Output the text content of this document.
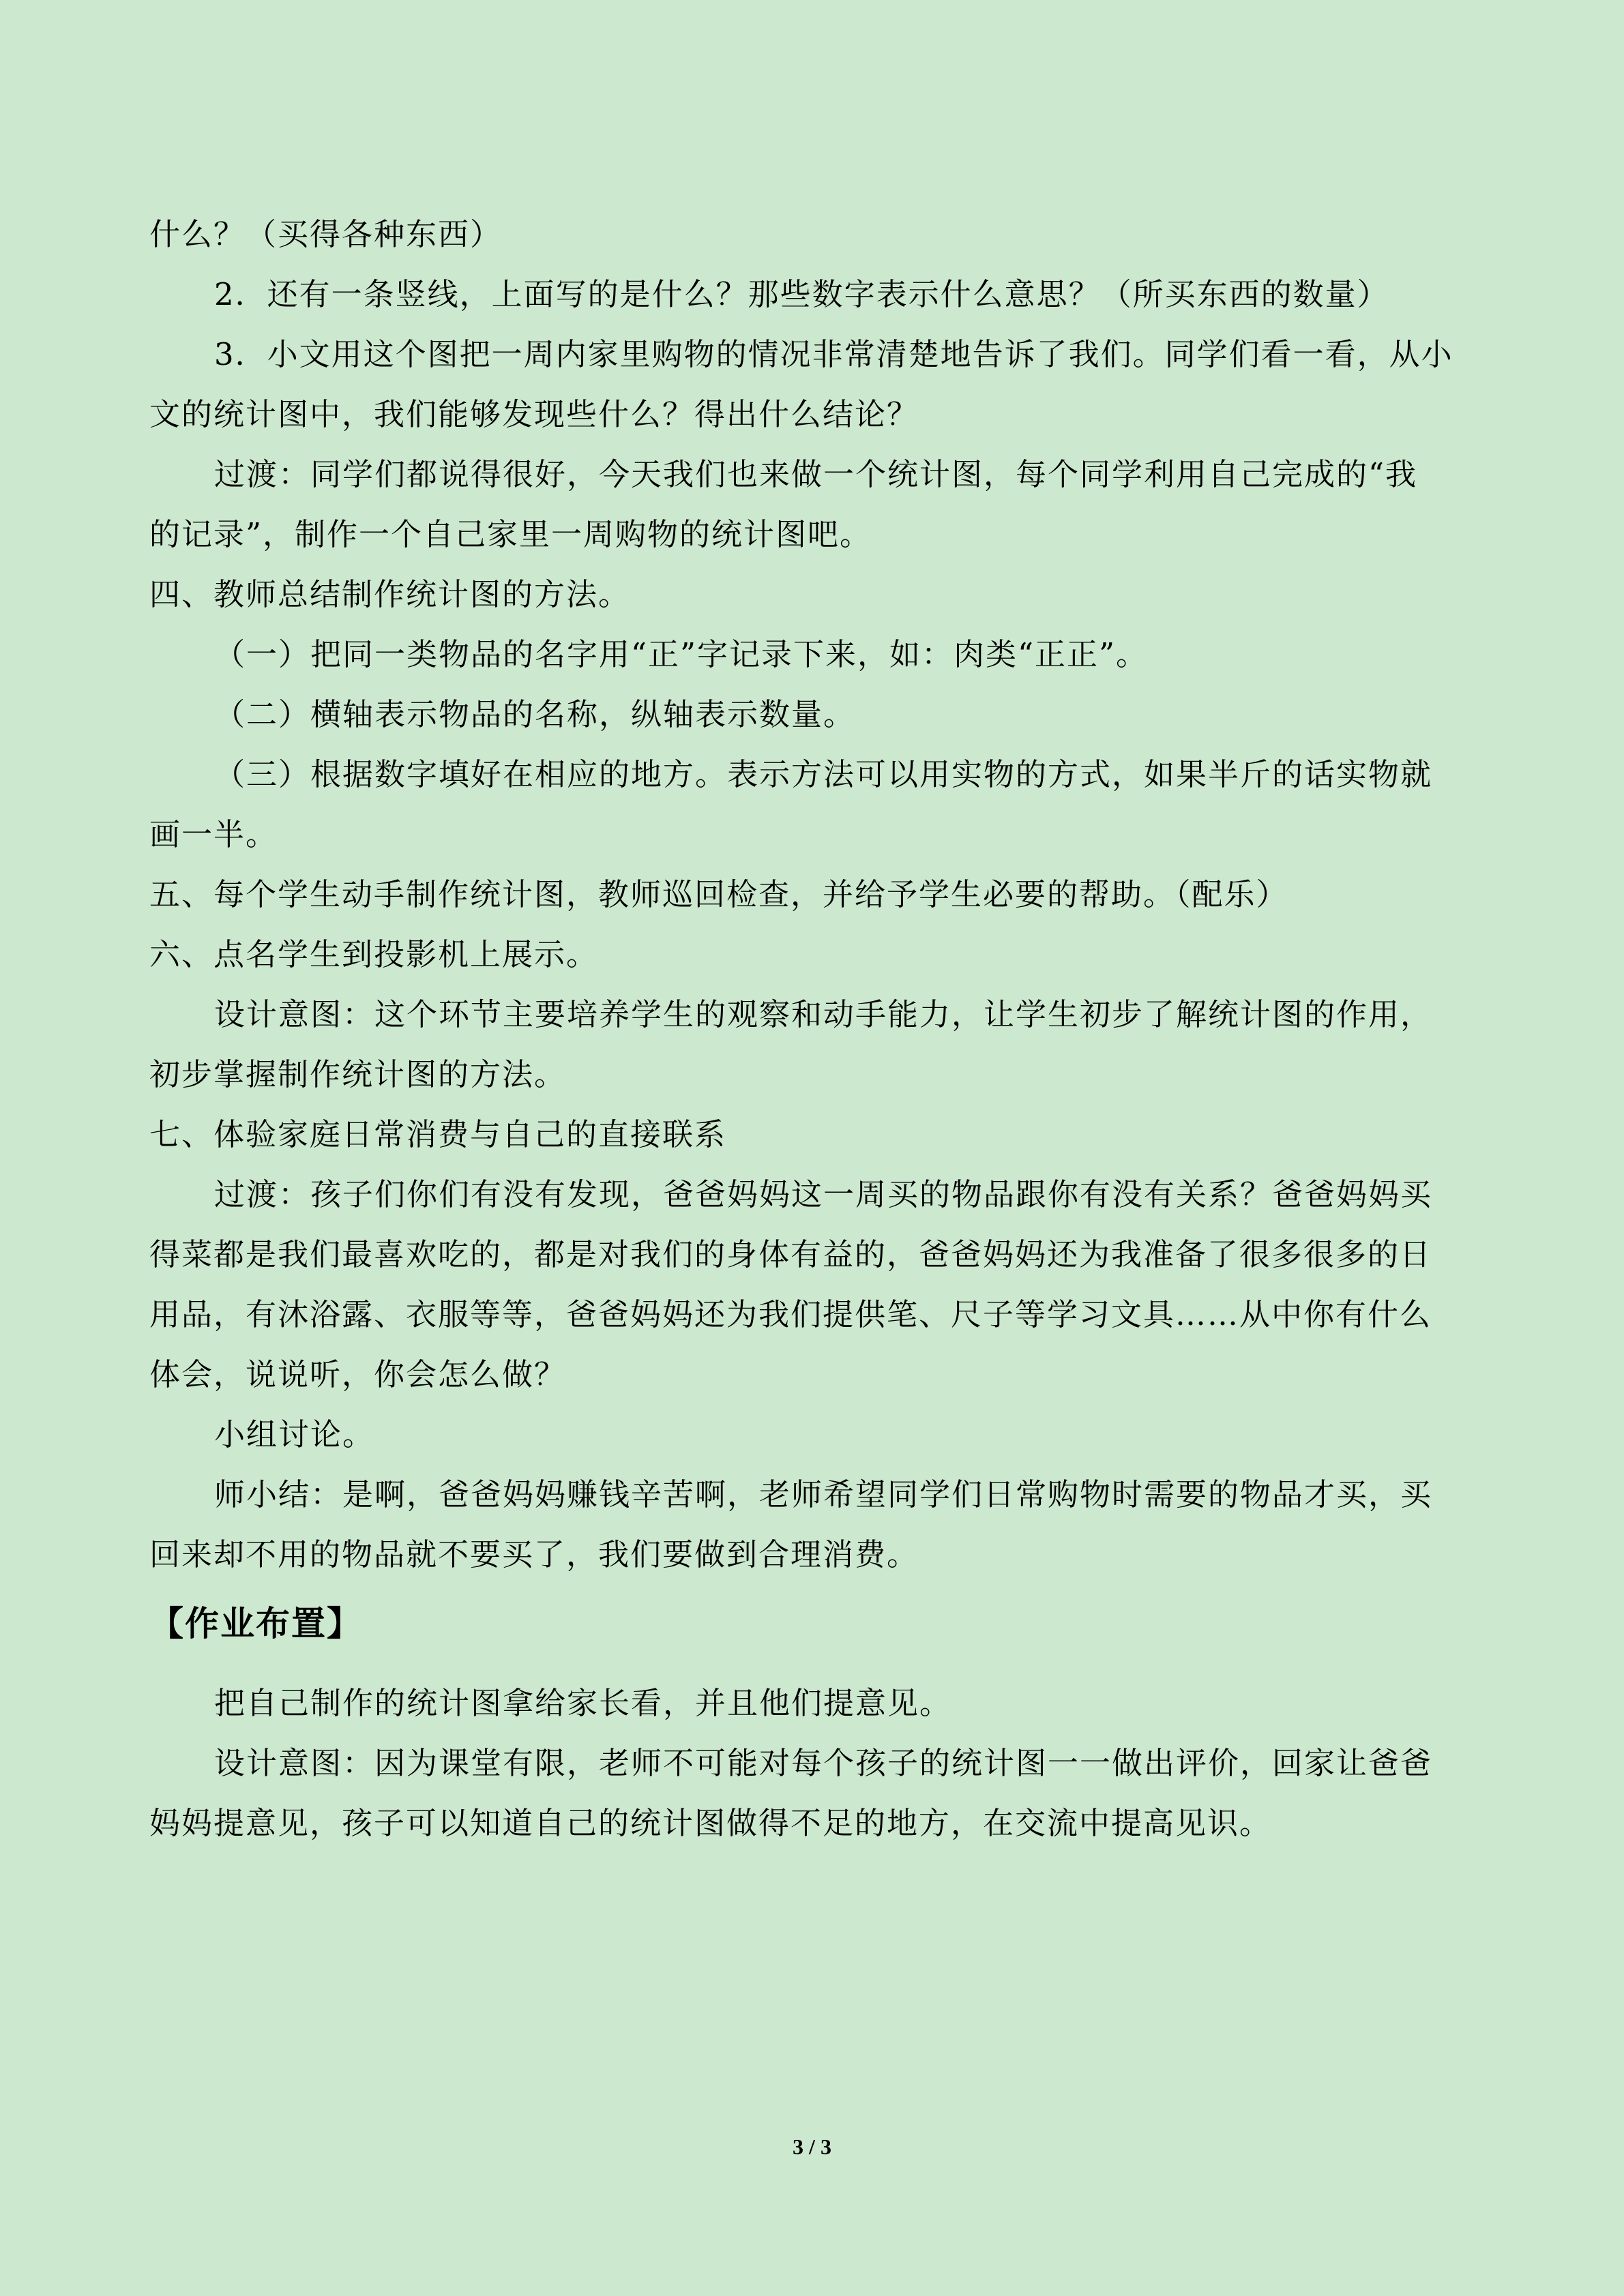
什么？（买得各种东西）
2．还有一条竖线，上面写的是什么？那些数字表示什么意思？（所买东西的数量）
3．小文用这个图把一周内家里购物的情况非常清楚地告诉了我们。同学们看一看，从小
文的统计图中，我们能够发现些什么？得出什么结论？
过渡：同学们都说得很好，今天我们也来做一个统计图，每个同学利用自己完成的“我
的记录”，制作一个自己家里一周购物的统计图吧。
四、教师总结制作统计图的方法。
（一）把同一类物品的名字用“正”字记录下来，如：肉类“正正”。
（二）横轴表示物品的名称，纵轴表示数量。
（三）根据数字填好在相应的地方。表示方法可以用实物的方式，如果半斤的话实物就
画一半。
五、每个学生动手制作统计图，教师巡回检查，并给予学生必要的帮助。（配乐）
六、点名学生到投影机上展示。
设计意图：这个环节主要培养学生的观察和动手能力，让学生初步了解统计图的作用，
初步掌握制作统计图的方法。
七、体验家庭日常消费与自己的直接联系
过渡：孩子们你们有没有发现，爸爸妈妈这一周买的物品跟你有没有关系？爸爸妈妈买
得菜都是我们最喜欢吃的，都是对我们的身体有益的，爸爸妈妈还为我准备了很多很多的日
用品，有沐浴露、衣服等等，爸爸妈妈还为我们提供笔、尺子等学习文具……从中你有什么
体会，说说听，你会怎么做？
小组讨论。
师小结：是啊，爸爸妈妈赚钱辛苦啊，老师希望同学们日常购物时需要的物品才买，买
回来却不用的物品就不要买了，我们要做到合理消费。
【作业布置】
把自己制作的统计图拿给家长看，并且他们提意见。
设计意图：因为课堂有限，老师不可能对每个孩子的统计图一一做出评价，回家让爸爸
妈妈提意见，孩子可以知道自己的统计图做得不足的地方，在交流中提高见识。
3 / 3
